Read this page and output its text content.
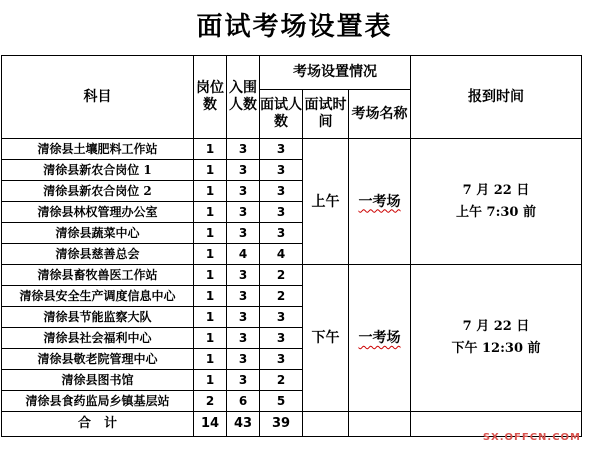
面试考场设置表
科目	岗位数	入围人数	考场设置情况			报到时间
			面试人数	面试时间	考场名称	
清徐县土壤肥料工作站	1	3	3	上午	一考场	7 月 22 日
上午 7:30 前

清徐县新农合岗位 1	1	3	3			
清徐县新农合岗位 2	1	3	3			
清徐县林权管理办公室	1	3	3			
清徐县蔬菜中心	1	3	3			
清徐县慈善总会	1	4	4			
清徐县畜牧兽医工作站	1	3	2	下午	一考场	7 月 22 日
下午 12:30 前

清徐县安全生产调度信息中心	1	3	2			
清徐县节能监察大队	1	3	3			
清徐县社会福利中心	1	3	3			
清徐县敬老院管理中心	1	3	3			
清徐县图书馆	1	3	2			
清徐县食药监局乡镇基层站	2	6	5			
合　计	14	43	39			
SX.OFFCN.COM
